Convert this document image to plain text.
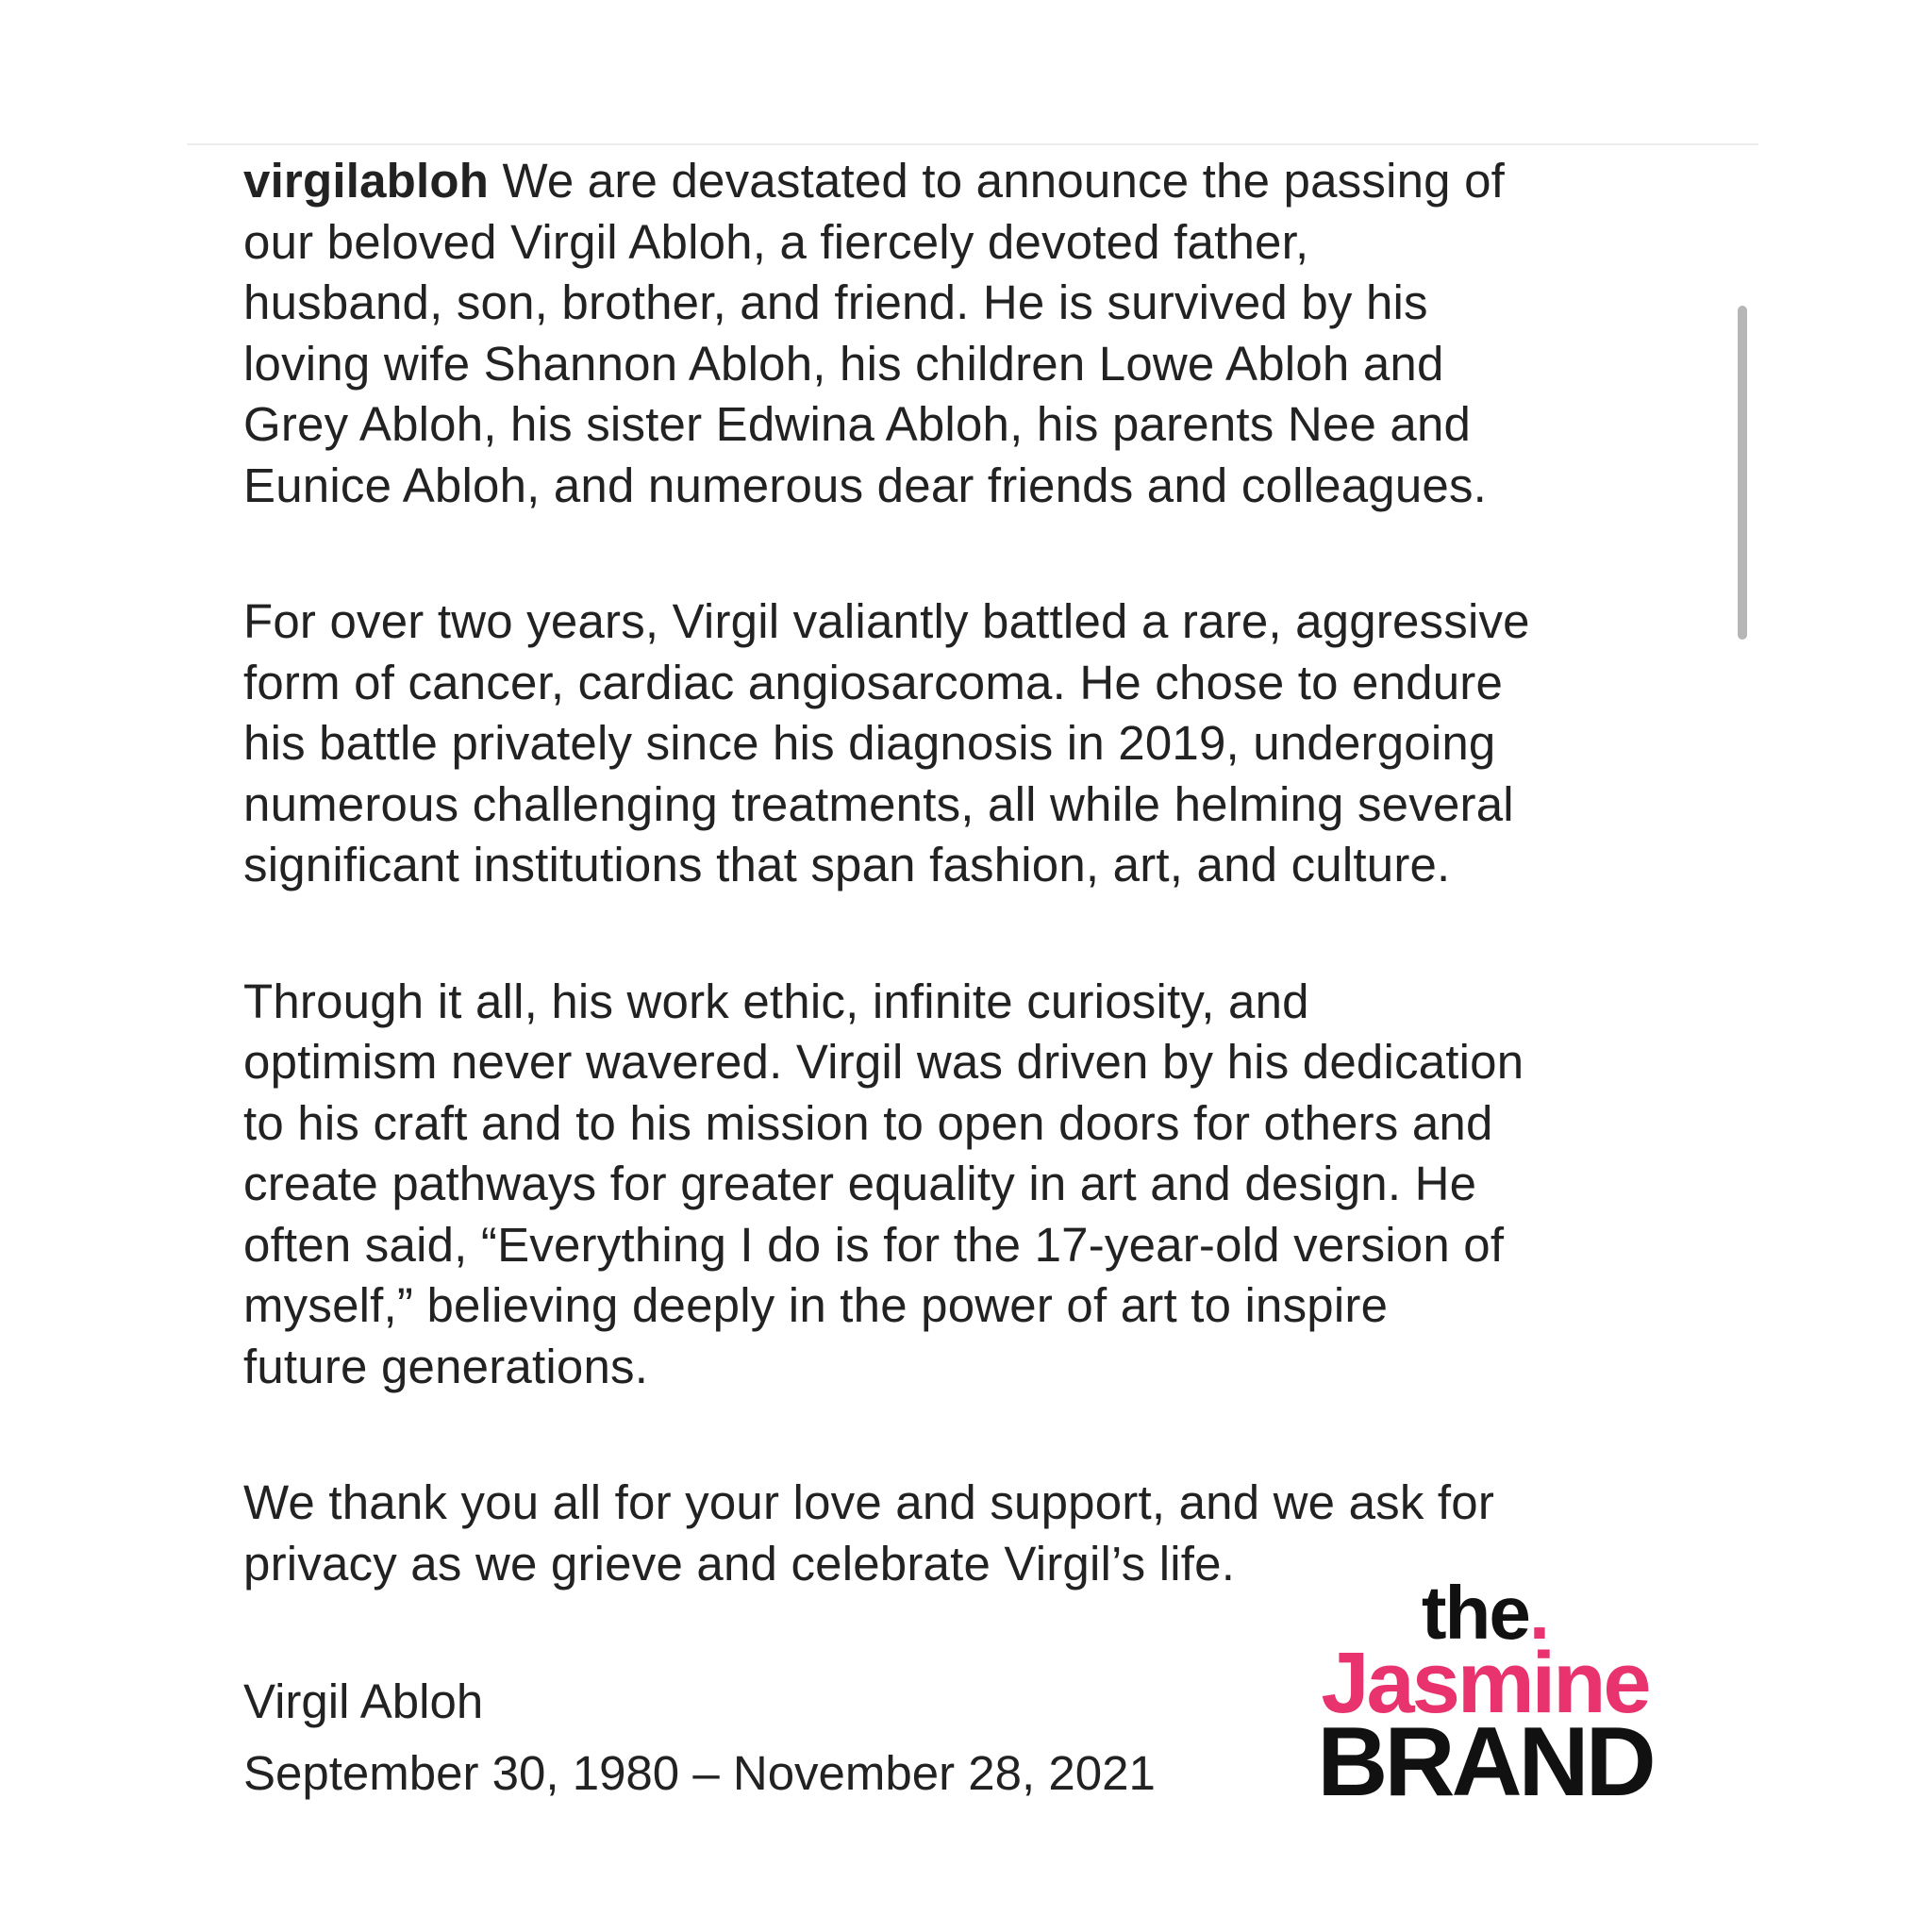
virgilabloh We are devastated to announce the passing of
our beloved Virgil Abloh, a fiercely devoted father,
husband, son, brother, and friend. He is survived by his
loving wife Shannon Abloh, his children Lowe Abloh and
Grey Abloh, his sister Edwina Abloh, his parents Nee and
Eunice Abloh, and numerous dear friends and colleagues.

For over two years, Virgil valiantly battled a rare, aggressive
form of cancer, cardiac angiosarcoma. He chose to endure
his battle privately since his diagnosis in 2019, undergoing
numerous challenging treatments, all while helming several
significant institutions that span fashion, art, and culture.

Through it all, his work ethic, infinite curiosity, and
optimism never wavered. Virgil was driven by his dedication
to his craft and to his mission to open doors for others and
create pathways for greater equality in art and design. He
often said, “Everything I do is for the 17-year-old version of
myself,” believing deeply in the power of art to inspire
future generations.

We thank you all for your love and support, and we ask for
privacy as we grieve and celebrate Virgil’s life.

Virgil Abloh
September 30, 1980 – November 28, 2021
the.
Jasmine
BRAND
